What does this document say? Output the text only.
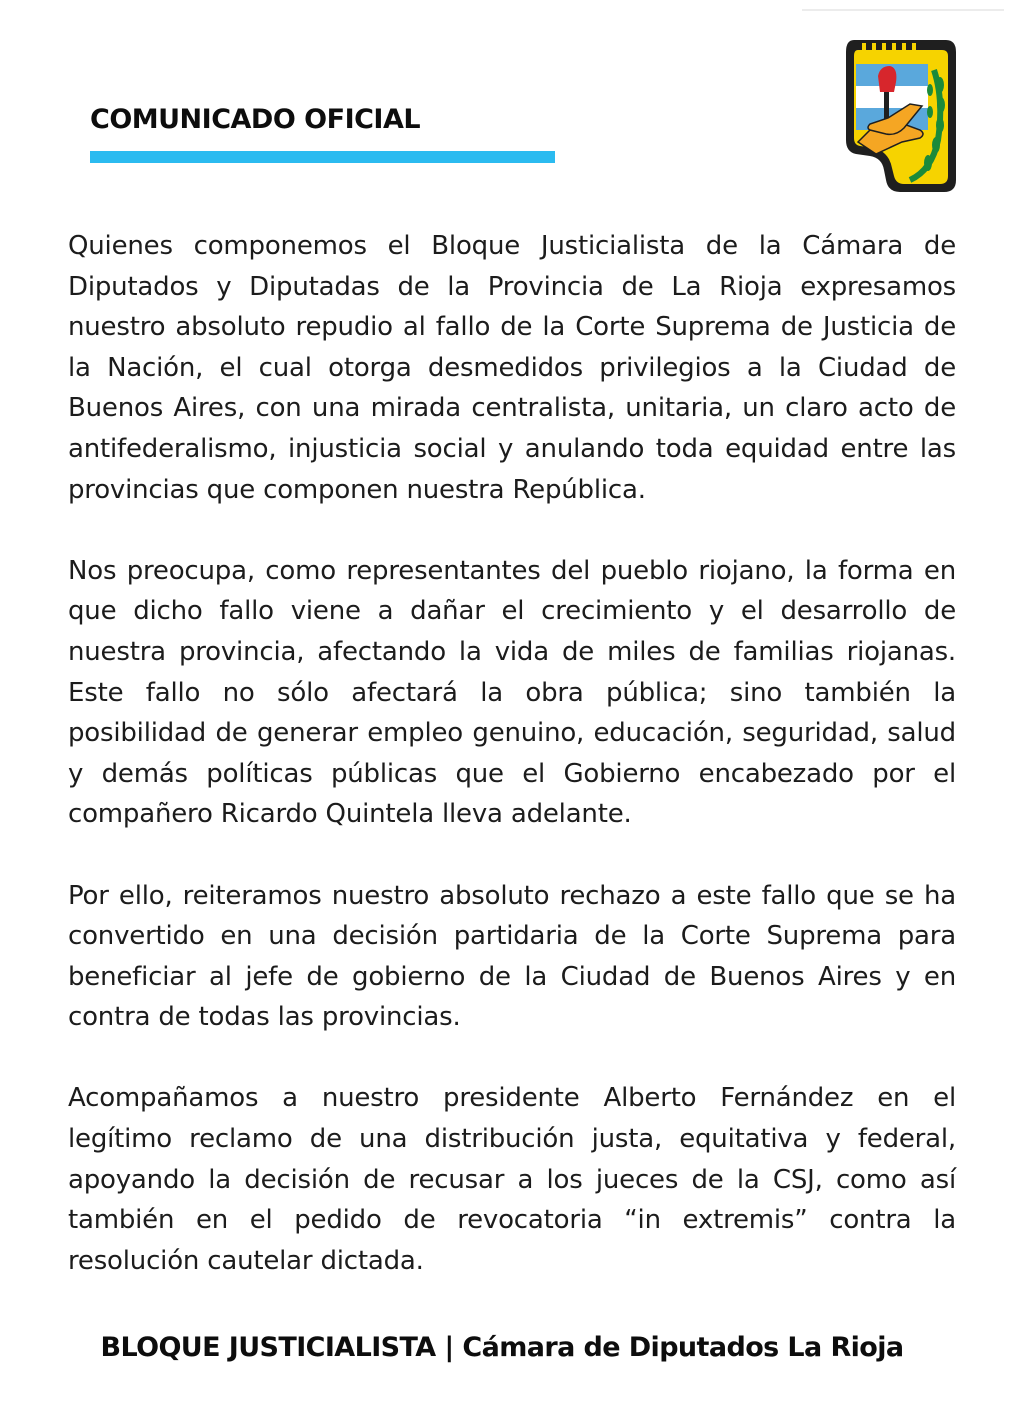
COMUNICADO OFICIAL

Quienes componemos el Bloque Justicialista de la Cámara de Diputados y Diputadas de la Provincia de La Rioja expresamos nuestro absoluto repudio al fallo de la Corte Suprema de Justicia de la Nación, el cual otorga desmedidos privilegios a la Ciudad de Buenos Aires, con una mirada centralista, unitaria, un claro acto de antifederalismo, injusticia social y anulando toda equidad entre las provincias que componen nuestra República.

Nos preocupa, como representantes del pueblo riojano, la forma en que dicho fallo viene a dañar el crecimiento y el desarrollo de nuestra provincia, afectando la vida de miles de familias riojanas. Este fallo no sólo afectará la obra pública; sino también la posibilidad de generar empleo genuino, educación, seguridad, salud y demás políticas públicas que el Gobierno encabezado por el compañero Ricardo Quintela lleva adelante.

Por ello, reiteramos nuestro absoluto rechazo a este fallo que se ha convertido en una decisión partidaria de la Corte Suprema para beneficiar al jefe de gobierno de la Ciudad de Buenos Aires y en contra de todas las provincias.

Acompañamos a nuestro presidente Alberto Fernández en el legítimo reclamo de una distribución justa, equitativa y federal, apoyando la decisión de recusar a los jueces de la CSJ, como así también en el pedido de revocatoria “in extremis” contra la resolución cautelar dictada.

BLOQUE JUSTICIALISTA | Cámara de Diputados La Rioja
